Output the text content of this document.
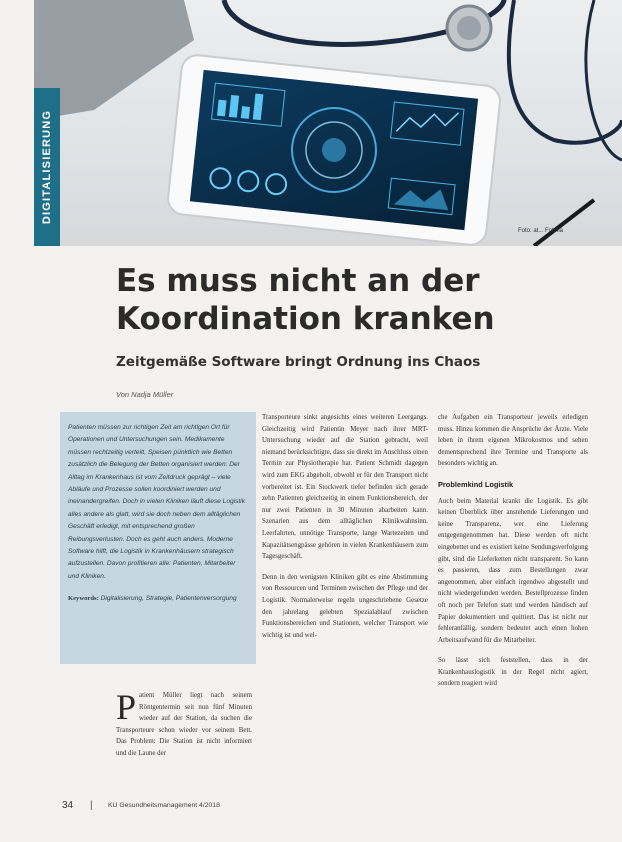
DIGITALISIERUNG
Foto: at... Fotolia
Es muss nicht an der Koordination kranken
Zeitgemäße Software bringt Ordnung ins Chaos
Von Nadja Müller

Patienten müssen zur richtigen Zeit am richtigen Ort für Operationen und Untersuchungen sein. Medikamente müssen rechtzeitig verteilt, Speisen pünktlich wie Betten zusätzlich die Belegung der Betten organisiert werden: Der Alltag im Krankenhaus ist vom Zeitdruck geprägt – viele Abläufe und Prozesse sollen koordiniert werden und ineinandergreifen. Doch in vielen Kliniken läuft diese Logistik alles andere als glatt, wird sie doch neben dem alltäglichen Geschäft erledigt, mit entsprechend großen Reibungsverlusten. Doch es geht auch anders. Moderne Software hilft, die Logistik in Krankenhäusern strategisch aufzustellen. Davon profitieren alle: Patienten, Mitarbeiter und Kliniken.

Keywords: Digitalisierung, Strategie, Patientenversorgung

P atient Müller liegt nach seinem Röntgentermin seit nun fünf Minuten wieder auf der Station, da suchen die Transporteure schon wieder vor seinem Bett. Das Problem: Die Station ist nicht informiert und die Laune der

Transporteure sinkt angesichts eines weiteren Leergangs. Gleichzeitig wird Patientin Meyer nach ihrer MRT-Untersuchung wieder auf die Station gebracht, weil niemand berücksichtigte, dass sie direkt im Anschluss einen Termin zur Physiotherapie hat. Patient Schmidt dagegen wird zum EKG abgeholt, obwohl er für den Transport nicht vorbereitet ist. Ein Stockwerk tiefer befinden sich gerade zehn Patienten gleichzeitig in einem Funktionsbereich, der nur zwei Patienten in 30 Minuten abarbeiten kann. Szenarien aus dem alltäglichen Klinikwahnsinn. Leerfahrten, unnötige Transporte, lange Wartezeiten und Kapazitätsengpässe gehören in vielen Krankenhäusern zum Tagesgeschäft.

Denn in den wenigsten Kliniken gibt es eine Abstimmung von Ressourcen und Terminen zwischen der Pflege und der Logistik. Normalerweise regeln ungeschriebene Gesetze den jahrelang gelebten Spezialablauf zwischen Funktionsbereichen und Stationen, welcher Transport wie wichtig ist und wel-

che Aufgaben ein Transporteur jeweils erledigen muss. Hinzu kommen die Ansprüche der Ärzte. Viele leben in ihrem eigenen Mikrokosmos und sehen dementsprechend ihre Termine und Transporte als besonders wichtig an.

Problemkind Logistik

Auch beim Material krankt die Logistik. Es gibt keinen Überblick über anstehende Lieferungen und keine Transparenz, wer eine Lieferung entgegengenommen hat. Diese werden oft nicht eingebettet und es existiert keine Sendungsverfolgung gibt, sind die Lieferketten nicht transparent. So kann es passieren, dass zum Bestellungen zwar angenommen, aber einfach irgendwo abgestellt und nicht wiedergefunden werden. Bestellprozesse finden oft noch per Telefon statt und werden händisch auf Papier dokumentiert und quittiert. Das ist nicht nur fehleranfällig, sondern bedeutet auch einen hohen Arbeitsaufwand für die Mitarbeiter.

So lässt sich feststellen, dass in der Krankenhauslogistik in der Regel nicht agiert, sondern reagiert wird

34 | KU Gesundheitsmanagement 4/2018
